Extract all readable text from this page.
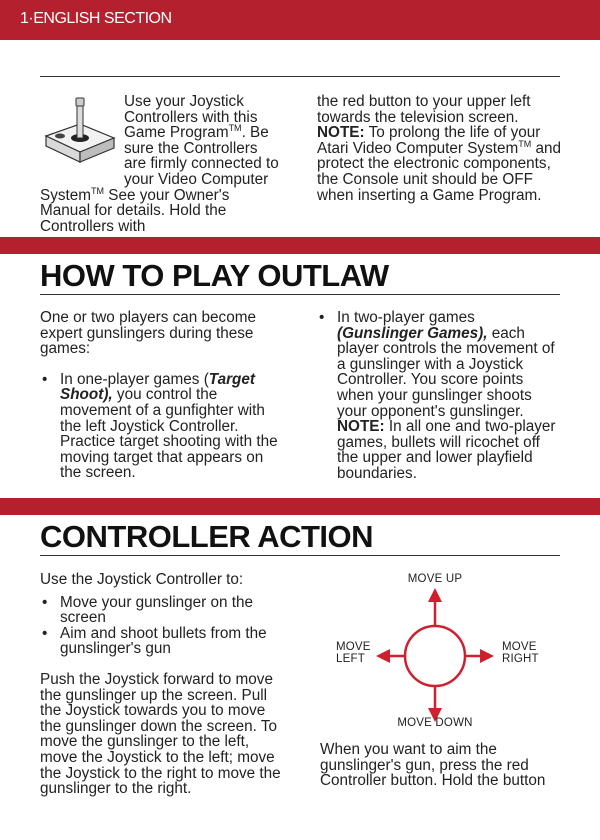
1·ENGLISH SECTION
Use your Joystick Controllers with this Game Program™. Be sure the Controllers are firmly connected to your Video Computer System™ See your Owner's Manual for details. Hold the Controllers with
the red button to your upper left towards the television screen.
NOTE: To prolong the life of your Atari Video Computer System™ and protect the electronic components, the Console unit should be OFF when inserting a Game Program.
HOW TO PLAY OUTLAW

One or two players can become expert gunslingers during these games:

• In one-player games (Target Shoot), you control the movement of a gunfighter with the left Joystick Controller. Practice target shooting with the moving target that appears on the screen.
• In two-player games (Gunslinger Games), each player controls the movement of a gunslinger with a Joystick Controller. You score points when your gunslinger shoots your opponent's gunslinger.
NOTE: In all one and two-player games, bullets will ricochet off the upper and lower playfield boundaries.
CONTROLLER ACTION

Use the Joystick Controller to:

• Move your gunslinger on the screen
• Aim and shoot bullets from the gunslinger's gun

Push the Joystick forward to move the gunslinger up the screen. Pull the Joystick towards you to move the gunslinger down the screen. To move the gunslinger to the left, move the Joystick to the left; move the Joystick to the right to move the gunslinger to the right.

MOVE UP
MOVE DOWN
MOVE
LEFT
MOVE
RIGHT
When you want to aim the gunslinger's gun, press the red Controller button. Hold the button
